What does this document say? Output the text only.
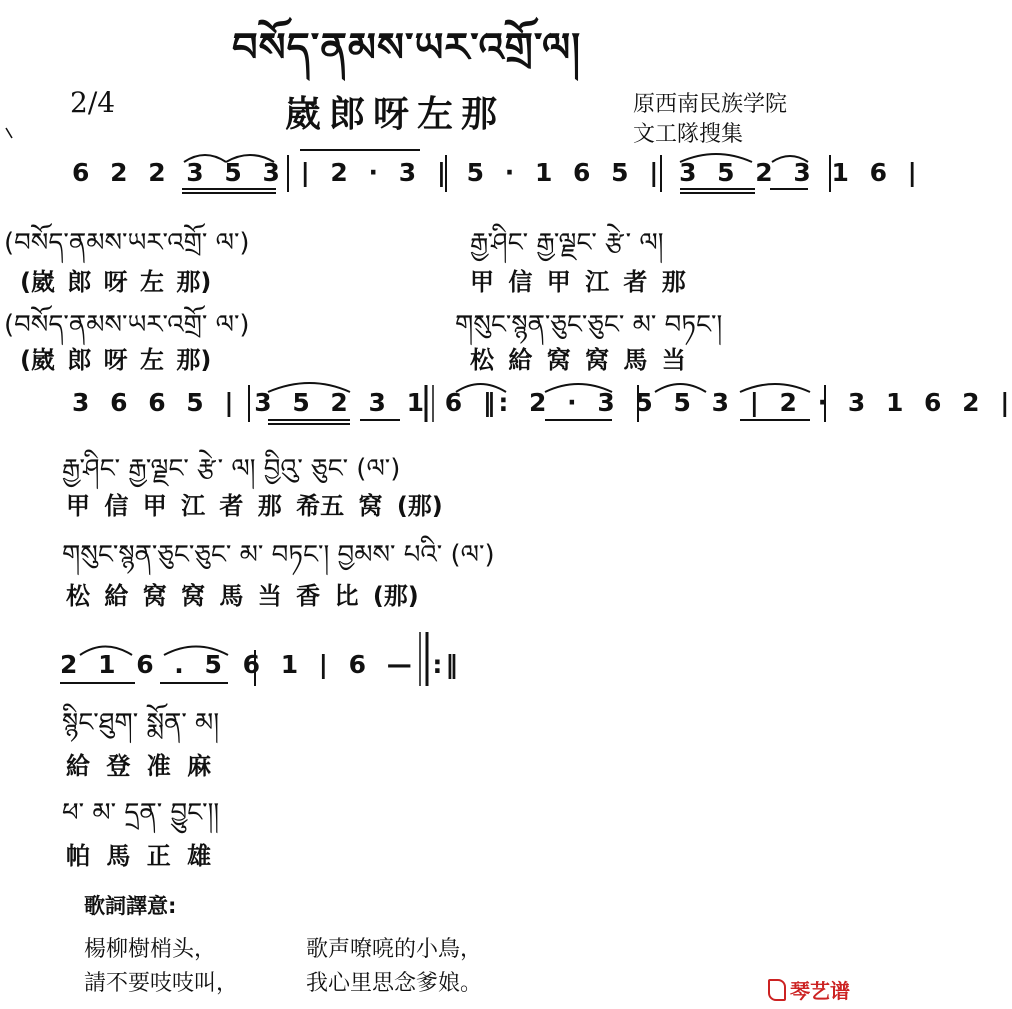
བསོད་ནམས་ཡར་འགྲོ་ལ།
2/4	崴郎呀左那	原西南民族学院
文工隊搜集
6 2 2 3 5 3 | 2 · 3 | 5 · 1 6 5 | 3 5 2 3 1 6 |
(བསོད་ནམས་ཡར་འགྲོ་ ལ་)	རྒྱ་ཤིང་ རྒྱ་ལྗང་ རྩེ་ ལ།
(崴 郎 呀 左 那)	甲 信 甲 江 者 那
(བསོད་ནམས་ཡར་འགྲོ་ ལ་)	གསུང་སྙན་ཅུང་ཅུང་ མ་ བཏང་།
(崴 郎 呀 左 那)	松 給 窝 窝 馬 当
3 6 6 5 | 3 5 2 3 1 6 ‖: 2 · 3 5 5 3 | 2 · 3 1 6 2 |
རྒྱ་ཤིང་ རྒྱ་ལྗང་ རྩེ་ ལ། བྱིའུ་ ཅུང་ (ལ་)
甲 信 甲 江 者 那 希五 窝 (那)
གསུང་སྙན་ཅུང་ཅུང་ མ་ བཏང་། བྱམས་ པའི་ (ལ་)
松 給 窝 窝 馬 当 香 比 (那)
2 1 6 . 5 6 1 | 6 — :‖
སྙིང་ཐུག་ སྨོན་ མ།
給 登 准 麻
ཕ་ མ་ དྲན་ བྱུང་།།
帕 馬 正 雄
歌詞譯意:
楊柳樹梢头，	歌声嘹喨的小鳥，
請不要吱吱叫，	我心里思念爹娘。	琴艺谱
